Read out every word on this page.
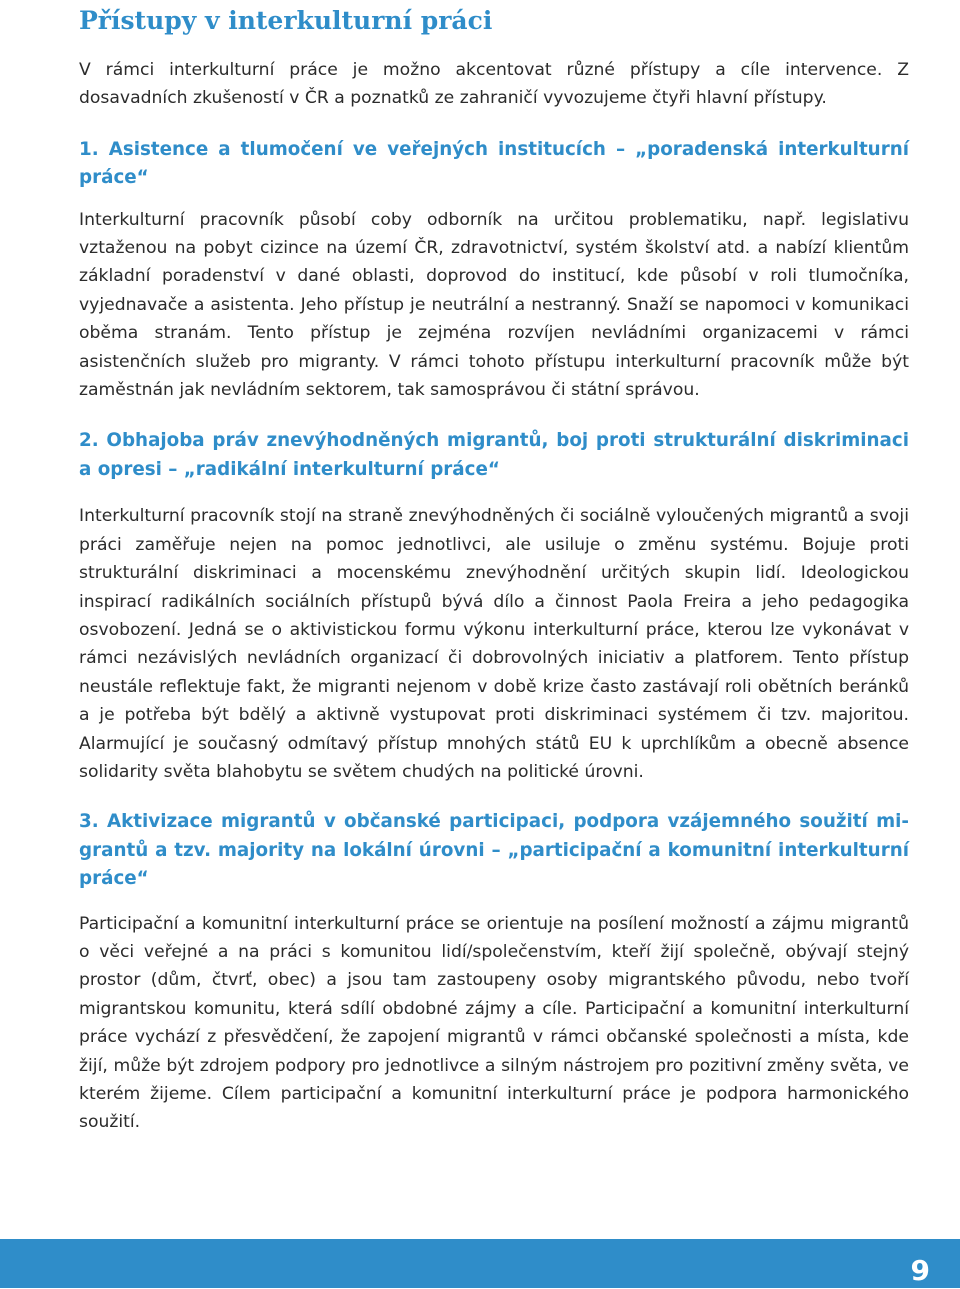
Přístupy v interkulturní práci

V rámci interkulturní práce je možno akcentovat různé přístupy a cíle intervence. Z dosavadních zkušeností v ČR a poznatků ze zahraničí vyvozujeme čtyři hlavní přístupy.

1. Asistence a tlumočení ve veřejných institucích – „poradenská interkulturní práce“

Interkulturní pracovník působí coby odborník na určitou problematiku, např. legislativu vztaženou na pobyt cizince na území ČR, zdravotnictví, systém školství atd. a nabízí klientům základní poradenství v dané oblasti, doprovod do institucí, kde působí v roli tlumočníka, vyjednavače a asistenta. Jeho přístup je neutrální a nestranný. Snaží se napomoci v komunikaci oběma stranám. Tento přístup je zejména rozvíjen nevládními organizacemi v rámci asistenčních služeb pro migranty. V rámci tohoto přístupu interkulturní pracovník může být zaměstnán jak nevládním sektorem, tak samosprávou či státní správou.

2. Obhajoba práv znevýhodněných migrantů, boj proti strukturální diskriminaci a opresi – „radikální interkulturní práce“

Interkulturní pracovník stojí na straně znevýhodněných či sociálně vyloučených migrantů a svoji práci zaměřuje nejen na pomoc jednotlivci, ale usiluje o změnu systému. Bojuje proti strukturální diskriminaci a mocenskému znevýhodnění určitých skupin lidí. Ideologickou inspirací radikálních sociálních přístupů bývá dílo a činnost Paola Freira a jeho pedagogika osvobození. Jedná se o aktivistickou formu výkonu interkulturní práce, kterou lze vykonávat v rámci nezávislých nevládních organizací či dobrovolných iniciativ a platforem. Tento přístup neustále reflektuje fakt, že migranti nejenom v době krize často zastávají roli obětních beránků a je potřeba být bdělý a aktivně vystupovat proti diskriminaci systémem či tzv. majoritou. Alarmující je současný odmítavý přístup mnohých států EU k uprchlíkům a obecně absence solidarity světa blahobytu se světem chudých na politické úrovni.

3. Aktivizace migrantů v občanské participaci, podpora vzájemného soužití migrantů a tzv. majority na lokální úrovni – „participační a komunitní interkulturní práce“

Participační a komunitní interkulturní práce se orientuje na posílení možností a zájmu migrantů o věci veřejné a na práci s komunitou lidí/společenstvím, kteří žijí společně, obývají stejný prostor (dům, čtvrť, obec) a jsou tam zastoupeny osoby migrantského původu, nebo tvoří migrantskou komunitu, která sdílí obdobné zájmy a cíle. Participační a komunitní interkulturní práce vychází z přesvědčení, že zapojení migrantů v rámci občanské společnosti a místa, kde žijí, může být zdrojem podpory pro jednotlivce a silným nástrojem pro pozitivní změny světa, ve kterém žijeme. Cílem participační a komunitní interkulturní práce je podpora harmonického soužití.

9
